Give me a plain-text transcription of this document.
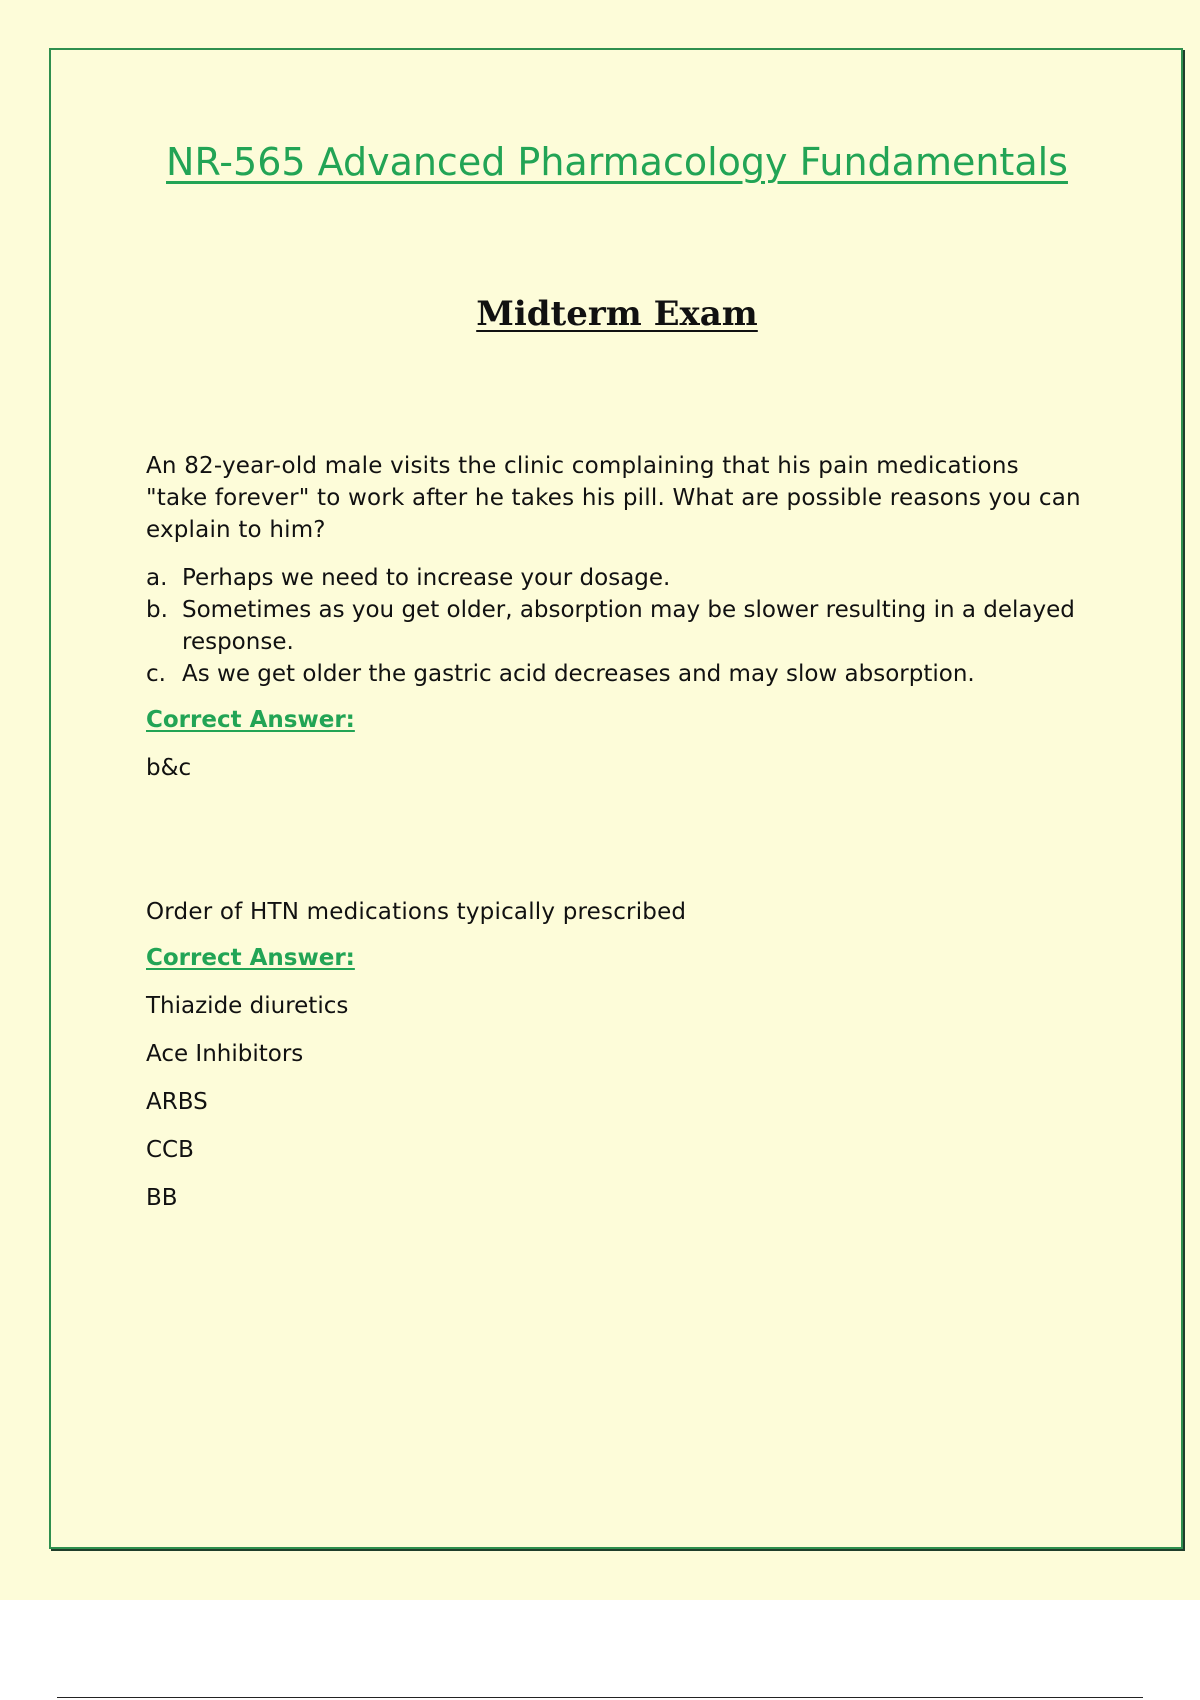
NR-565 Advanced Pharmacology Fundamentals
Midterm Exam

An 82-year-old male visits the clinic complaining that his pain medications "take forever" to work after he takes his pill. What are possible reasons you can explain to him?

a. Perhaps we need to increase your dosage.
b. Sometimes as you get older, absorption may be slower resulting in a delayed response.
c. As we get older the gastric acid decreases and may slow absorption.

Correct Answer:

b&c

Order of HTN medications typically prescribed

Correct Answer:

Thiazide diuretics
Ace Inhibitors
ARBS
CCB
BB
